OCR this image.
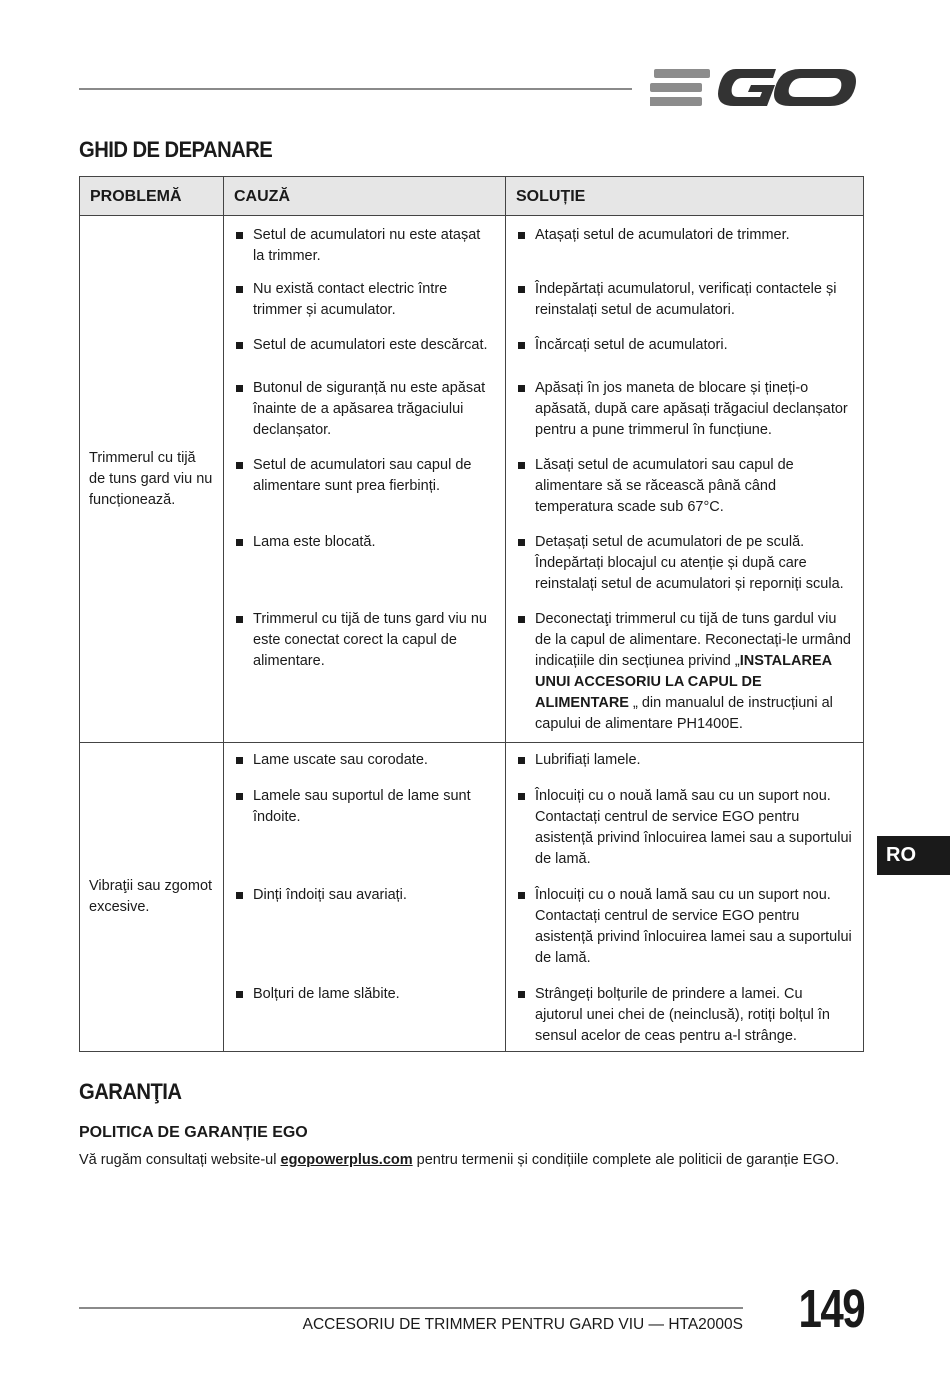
EGO
GHID DE DEPANARE
PROBLEMĂ	CAUZĂ	SOLUȚIE
Trimmerul cu tijă de tuns gard viu nu funcționează.	Setul de acumulatori nu este atașat la trimmer.	Atașați setul de acumulatori de trimmer.

Nu există contact electric între trimmer și acumulator.	Îndepărtați acumulatorul, verificați contactele și reinstalați setul de acumulatori.

Setul de acumulatori este descărcat.	Încărcați setul de acumulatori.

Butonul de siguranță nu este apăsat înainte de a apăsarea trăgaciului declanșator.	Apăsați în jos maneta de blocare și țineți-o apăsată, după care apăsați trăgaciul declanșator pentru a pune trimmerul în funcțiune.

Setul de acumulatori sau capul de alimentare sunt prea fierbinți.	Lăsați setul de acumulatori sau capul de alimentare să se răcească până când temperatura scade sub 67°C.

Lama este blocată.	Detașați setul de acumulatori de pe sculă. Îndepărtați blocajul cu atenție și după care reinstalați setul de acumulatori și reporniți scula.

Trimmerul cu tijă de tuns gard viu nu este conectat corect la capul de alimentare.	Deconectaţi trimmerul cu tijă de tuns gardul viu de la capul de alimentare. Reconectați-le urmând indicațiile din secțiunea privind „INSTALAREA UNUI ACCESORIU LA CAPUL DE ALIMENTARE „ din manualul de instrucțiuni al capului de alimentare PH1400E.

Vibraţii sau zgomot excesive.	Lame uscate sau corodate.	Lubrifiați lamele.

Lamele sau suportul de lame sunt îndoite.	Înlocuiți cu o nouă lamă sau cu un suport nou. Contactați centrul de service EGO pentru asistență privind înlocuirea lamei sau a suportului de lamă.

Dinți îndoiți sau avariați.	Înlocuiți cu o nouă lamă sau cu un suport nou. Contactați centrul de service EGO pentru asistență privind înlocuirea lamei sau a suportului de lamă.

Bolțuri de lame slăbite.	Strângeți bolțurile de prindere a lamei. Cu ajutorul unei chei de (neinclusă), rotiți bolțul în sensul acelor de ceas pentru a-l strânge.
GARANŢIA
POLITICA DE GARANȚIE EGO

Vă rugăm consultați website-ul egopowerplus.com pentru termenii și condițiile complete ale politicii de garanție EGO.

RO
ACCESORIU DE TRIMMER PENTRU GARD VIU — HTA2000S 149
